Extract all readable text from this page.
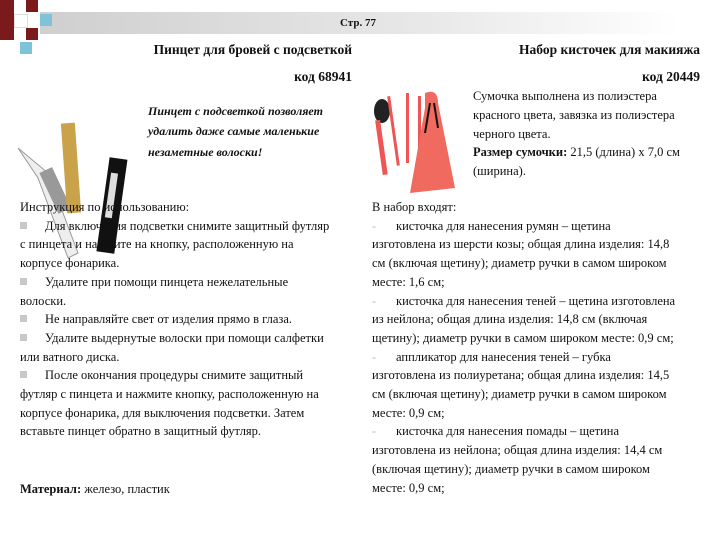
Стр. 77
Пинцет для бровей с подсветкой
код 68941
Набор кисточек для макияжа
код 20449
Пинцет с подсветкой позволяет
удалить даже самые маленькие
незаметные волоски!
Сумочка выполнена из полиэстера
красного цвета, завязка из полиэстера
черного цвета.
Размер сумочки: 21,5 (длина) х 7,0 см
(ширина).
Инструкция по использованию:
Для включения подсветки снимите защитный футляр
с пинцета и нажмите на кнопку, расположенную на
корпусе фонарика.
Удалите при помощи пинцета нежелательные
волоски.
Не направляйте свет от изделия прямо в глаза.
Удалите выдернутые волоски при помощи салфетки
или ватного диска.
После окончания процедуры снимите защитный
футляр с пинцета и нажмите кнопку, расположенную на
корпусе фонарика, для выключения подсветки. Затем
вставьте пинцет обратно в защитный футляр.
В набор входят:
- кисточка для нанесения румян – щетина
изготовлена из шерсти козы; общая длина изделия: 14,8
см (включая щетину); диаметр ручки в самом широком
месте: 1,6 см;
- кисточка для нанесения теней – щетина изготовлена
из нейлона; общая длина изделия: 14,8 см (включая
щетину); диаметр ручки в самом широком месте: 0,9 см;
- аппликатор для нанесения теней – губка
изготовлена из полиуретана; общая длина изделия: 14,5
см (включая щетину); диаметр ручки в самом широком
месте: 0,9 см;
- кисточка для нанесения помады – щетина
изготовлена из нейлона; общая длина изделия: 14,4 см
(включая щетину); диаметр ручки в самом широком
месте: 0,9 см;
Материал: железо, пластик
